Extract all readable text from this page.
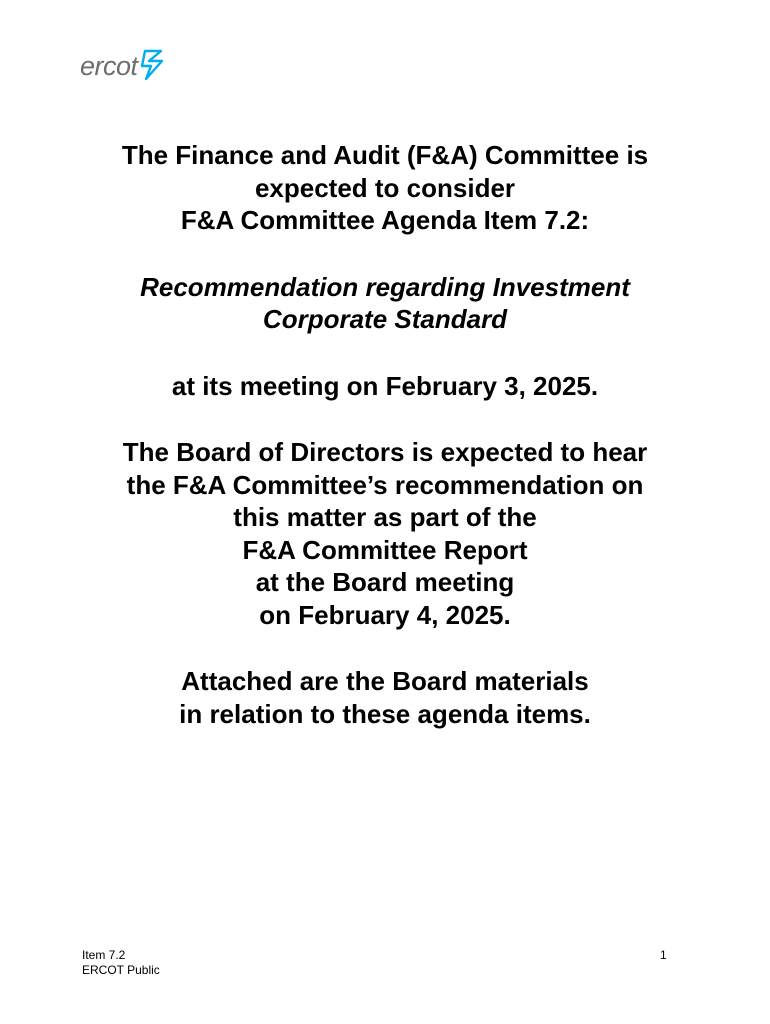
ercot

The Finance and Audit (F&A) Committee is
expected to consider
F&A Committee Agenda Item 7.2:

Recommendation regarding Investment
Corporate Standard

at its meeting on February 3, 2025.

The Board of Directors is expected to hear
the F&A Committee’s recommendation on
this matter as part of the
F&A Committee Report
at the Board meeting
on February 4, 2025.

Attached are the Board materials
in relation to these agenda items.

Item 7.2
ERCOT Public
1
